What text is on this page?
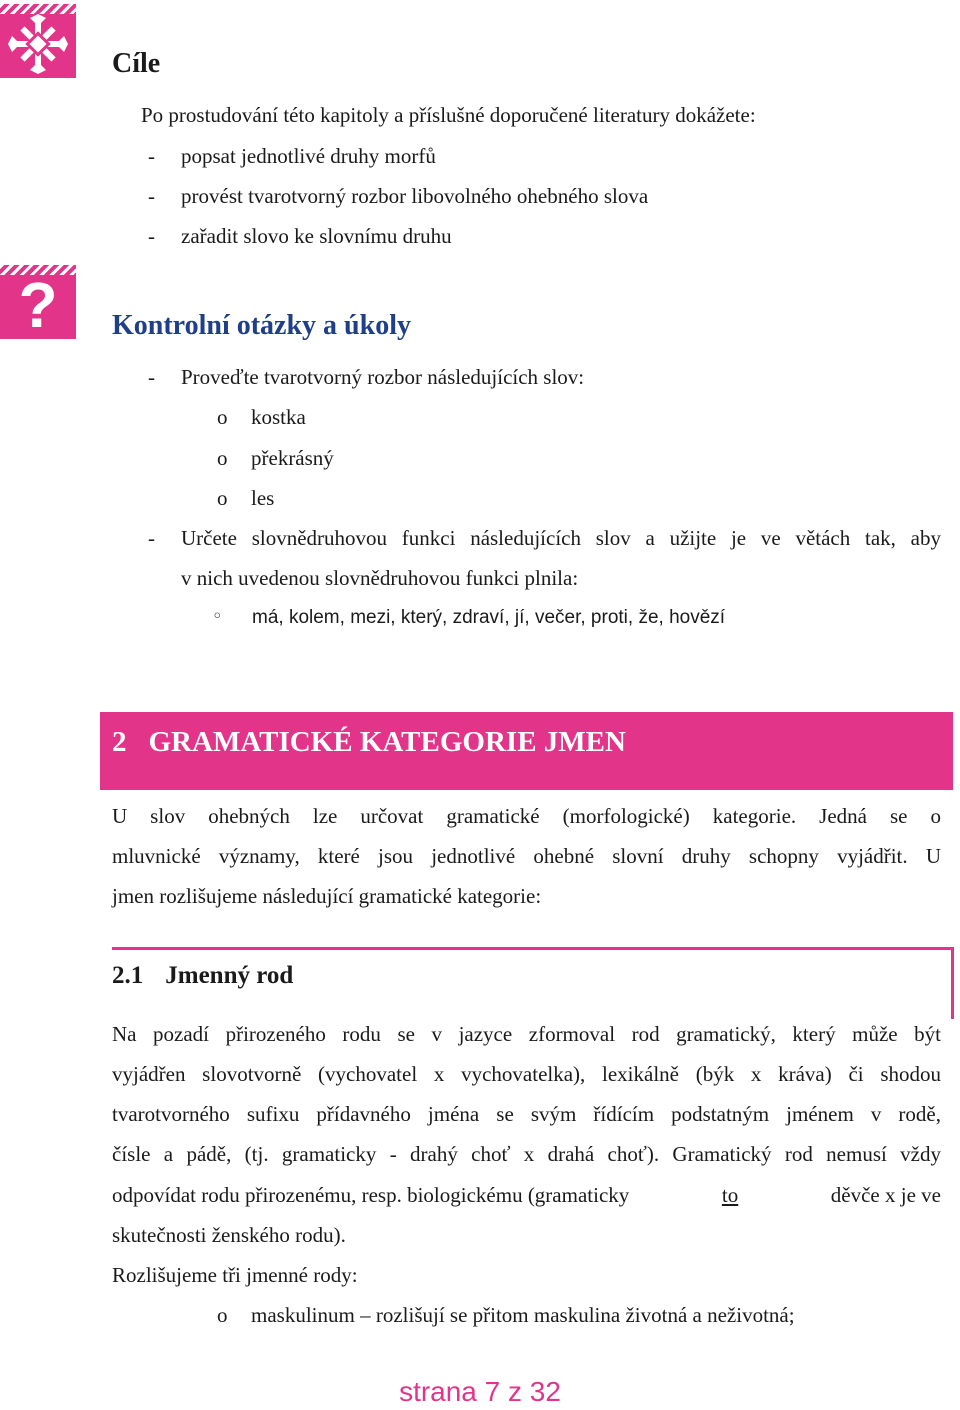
Cíle
Po prostudování této kapitoly a příslušné doporučené literatury dokážete:
- popsat jednotlivé druhy morfů
- provést tvarotvorný rozbor libovolného ohebného slova
- zařadit slovo ke slovnímu druhu
?	Kontrolní otázky a úkoly
- Proveďte tvarotvorný rozbor následujících slov:
o kostka
o překrásný
o les
- Určete slovnědruhovou funkci následujících slov a užijte je ve větách tak, aby
v nich uvedenou slovnědruhovou funkci plnila:
◦ má, kolem, mezi, který, zdraví, jí, večer, proti, že, hovězí
2 GRAMATICKÉ KATEGORIE JMEN
U slov ohebných lze určovat gramatické (morfologické) kategorie. Jedná se o
mluvnické významy, které jsou jednotlivé ohebné slovní druhy schopny vyjádřit. U
jmen rozlišujeme následující gramatické kategorie:
2.1 Jmenný rod
Na pozadí přirozeného rodu se v jazyce zformoval rod gramatický, který může být
vyjádřen slovotvorně (vychovatel x vychovatelka), lexikálně (býk x kráva) či shodou
tvarotvorného sufixu přídavného jména se svým řídícím podstatným jménem v rodě,
čísle a pádě, (tj. gramaticky - drahý choť x drahá choť). Gramatický rod nemusí vždy
odpovídat rodu přirozenému, resp. biologickému (gramaticky	to	děvče x je ve
skutečnosti ženského rodu).
Rozlišujeme tři jmenné rody:
o maskulinum – rozlišují se přitom maskulina životná a neživotná;
strana 7 z 32
